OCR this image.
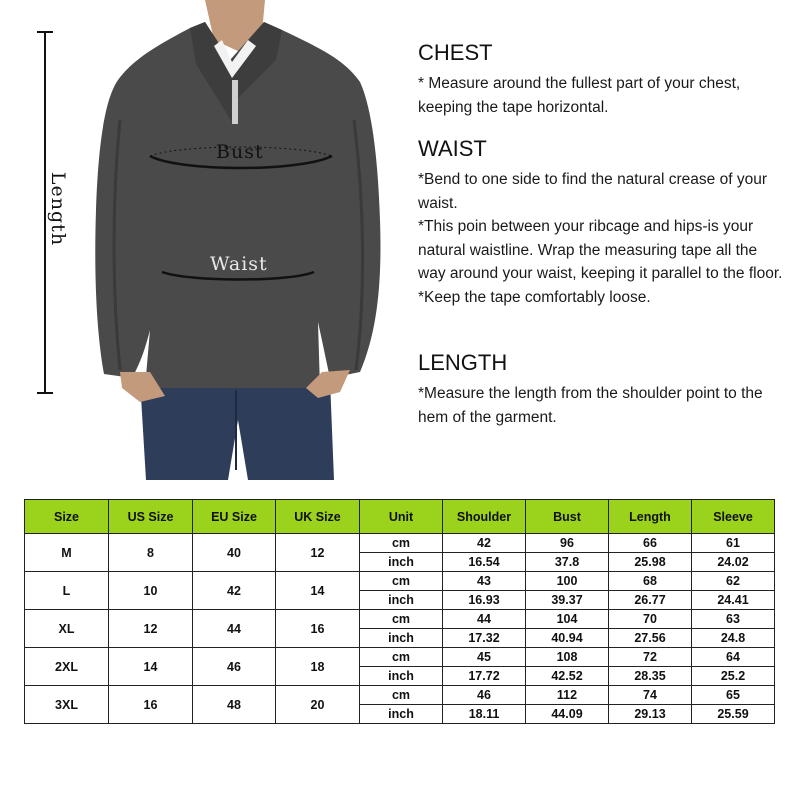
Length
Bust
Waist
CHEST

* Measure around the fullest part of your chest, keeping the tape horizontal.

WAIST

*Bend to one side to find the natural crease of your waist.

*This poin between your ribcage and hips-is your natural waistline. Wrap the measuring tape all the way around your waist, keeping it parallel to the floor.

*Keep the tape comfortably loose.

LENGTH

*Measure the length from the shoulder point to the hem of the garment.

Size	US Size	EU Size	UK Size	Unit	Shoulder	Bust	Length	Sleeve
M	8	40	12	cm	42	96	66	61
				inch	16.54	37.8	25.98	24.02
L	10	42	14	cm	43	100	68	62
				inch	16.93	39.37	26.77	24.41
XL	12	44	16	cm	44	104	70	63
				inch	17.32	40.94	27.56	24.8
2XL	14	46	18	cm	45	108	72	64
				inch	17.72	42.52	28.35	25.2
3XL	16	48	20	cm	46	112	74	65
				inch	18.11	44.09	29.13	25.59
